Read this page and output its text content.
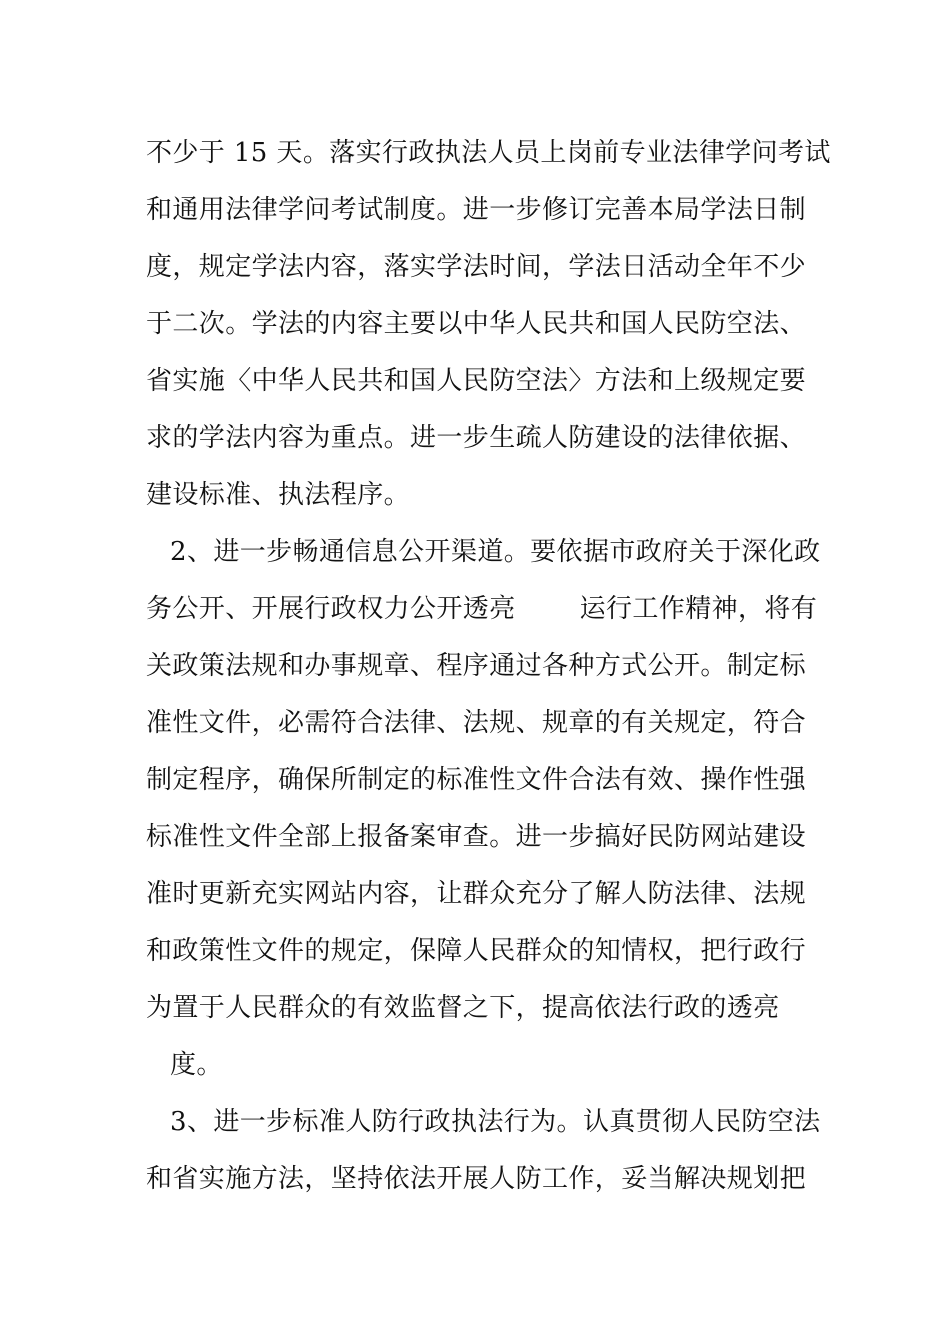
不少于 15 天。落实行政执法人员上岗前专业法律学问考试
和通用法律学问考试制度。进一步修订完善本局学法日制
度，规定学法内容，落实学法时间，学法日活动全年不少
于二次。学法的内容主要以中华人民共和国人民防空法、
省实施〈中华人民共和国人民防空法〉方法和上级规定要
求的学法内容为重点。进一步生疏人防建设的法律依据、
建设标准、执法程序。
2、进一步畅通信息公开渠道。要依据市政府关于深化政
务公开、开展行政权力公开透亮 运行工作精神，将有
关政策法规和办事规章、程序通过各种方式公开。制定标
准性文件，必需符合法律、法规、规章的有关规定，符合
制定程序，确保所制定的标准性文件合法有效、操作性强
标准性文件全部上报备案审查。进一步搞好民防网站建设
准时更新充实网站内容，让群众充分了解人防法律、法规
和政策性文件的规定，保障人民群众的知情权，把行政行
为置于人民群众的有效监督之下，提高依法行政的透亮
度。
3、进一步标准人防行政执法行为。认真贯彻人民防空法
和省实施方法，坚持依法开展人防工作，妥当解决规划把
